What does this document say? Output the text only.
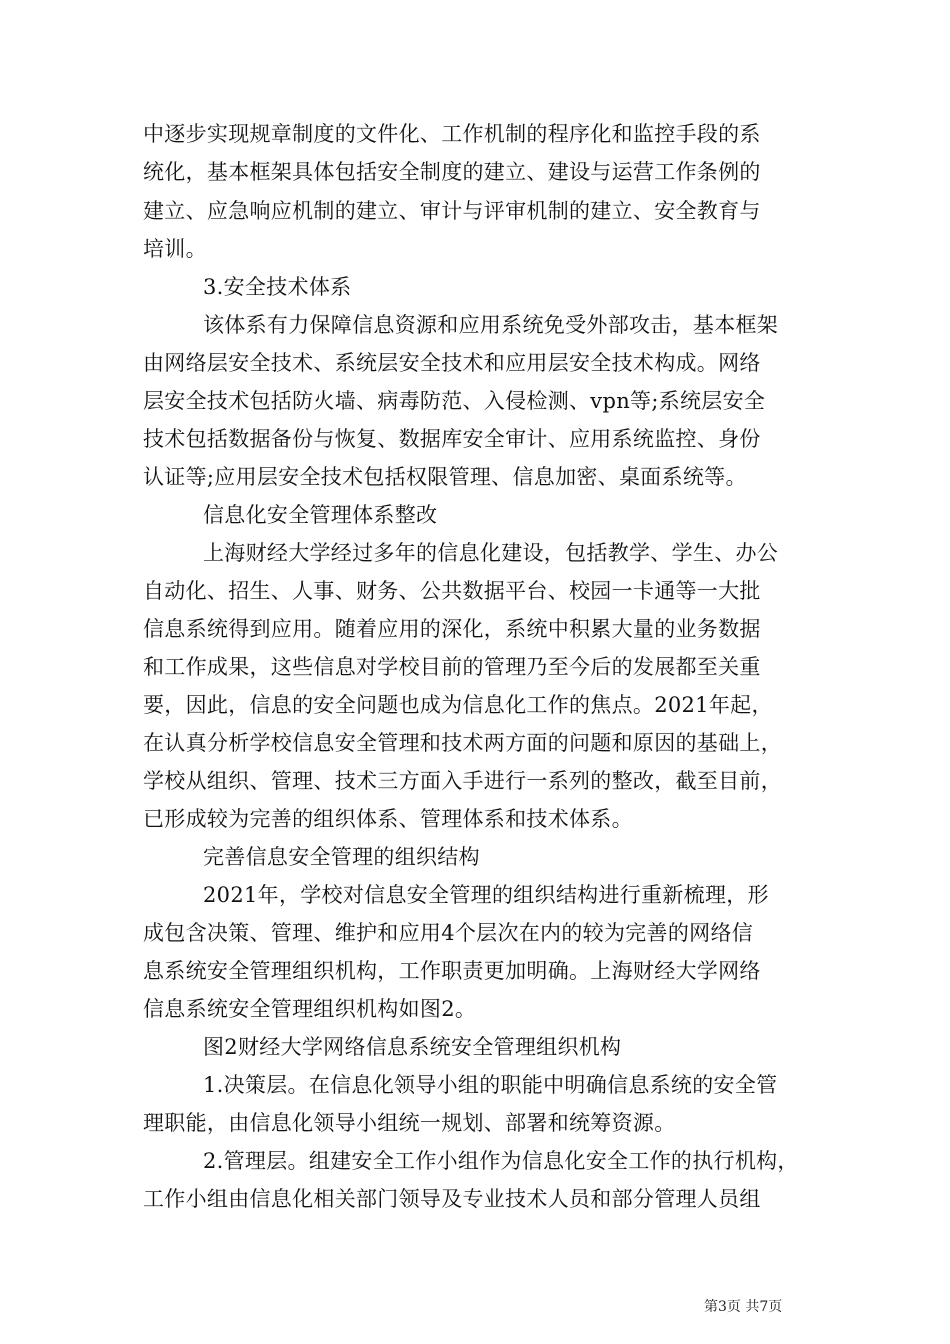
中逐步实现规章制度的文件化、工作机制的程序化和监控手段的系
统化，基本框架具体包括安全制度的建立、建设与运营工作条例的
建立、应急响应机制的建立、审计与评审机制的建立、安全教育与
培训。
3.安全技术体系
该体系有力保障信息资源和应用系统免受外部攻击，基本框架
由网络层安全技术、系统层安全技术和应用层安全技术构成。网络
层安全技术包括防火墙、病毒防范、入侵检测、vpn等;系统层安全
技术包括数据备份与恢复、数据库安全审计、应用系统监控、身份
认证等;应用层安全技术包括权限管理、信息加密、桌面系统等。
信息化安全管理体系整改
上海财经大学经过多年的信息化建设，包括教学、学生、办公
自动化、招生、人事、财务、公共数据平台、校园一卡通等一大批
信息系统得到应用。随着应用的深化，系统中积累大量的业务数据
和工作成果，这些信息对学校目前的管理乃至今后的发展都至关重
要，因此，信息的安全问题也成为信息化工作的焦点。2021年起，
在认真分析学校信息安全管理和技术两方面的问题和原因的基础上，
学校从组织、管理、技术三方面入手进行一系列的整改，截至目前，
已形成较为完善的组织体系、管理体系和技术体系。
完善信息安全管理的组织结构
2021年，学校对信息安全管理的组织结构进行重新梳理，形
成包含决策、管理、维护和应用4个层次在内的较为完善的网络信
息系统安全管理组织机构，工作职责更加明确。上海财经大学网络
信息系统安全管理组织机构如图2。
图2财经大学网络信息系统安全管理组织机构
1.决策层。在信息化领导小组的职能中明确信息系统的安全管
理职能，由信息化领导小组统一规划、部署和统筹资源。
2.管理层。组建安全工作小组作为信息化安全工作的执行机构，
工作小组由信息化相关部门领导及专业技术人员和部分管理人员组
第3页 共7页
